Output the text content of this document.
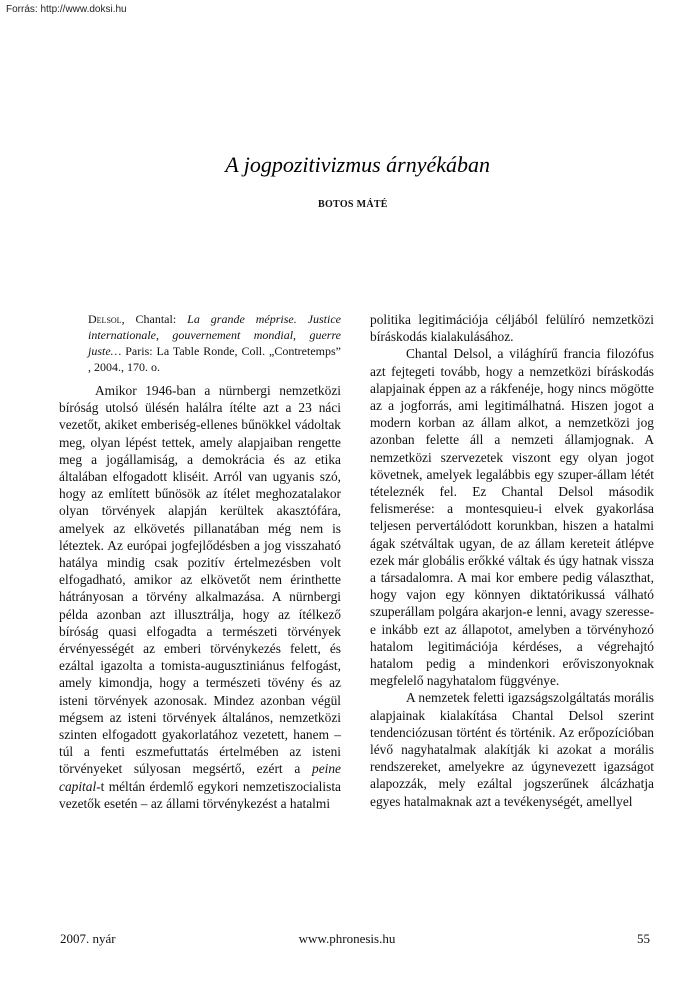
Forrás: http://www.doksi.hu
A jogpozitivizmus árnyékában
BOTOS MÁTÉ

Delsol, Chantal: La grande méprise. Justice internationale, gouvernement mondial, guerre juste… Paris: La Table Ronde, Coll. „Contretemps” , 2004., 170. o.

Amikor 1946-ban a nürnbergi nemzetközi bíróság utolsó ülésén halálra ítélte azt a 23 náci vezetőt, akiket emberiség-ellenes bűnökkel vádoltak meg, olyan lépést tettek, amely alapjaiban rengette meg a jogállamiság, a demokrácia és az etika általában elfogadott kliséit. Arról van ugyanis szó, hogy az említett bűnösök az ítélet meghozatalakor olyan törvények alapján kerültek akasztófára, amelyek az elkövetés pillanatában még nem is léteztek. Az európai jogfejlődésben a jog visszaható hatálya mindig csak pozitív értelmezésben volt elfogadható, amikor az elkövetőt nem érinthette hátrányosan a törvény alkalmazása. A nürnbergi példa azonban azt illusztrálja, hogy az ítélkező bíróság quasi elfogadta a természeti törvények érvényességét az emberi törvénykezés felett, és ezáltal igazolta a tomista-augusztiniánus felfogást, amely kimondja, hogy a természeti tövény és az isteni törvények azonosak. Mindez azonban végül mégsem az isteni törvények általános, nemzetközi szinten elfogadott gyakorlatához vezetett, hanem – túl a fenti eszmefuttatás értelmében az isteni törvényeket súlyosan megsértő, ezért a peine capital-t méltán érdemlő egykori nemzetiszocialista vezetők esetén – az állami törvénykezést a hatalmi

politika legitimációja céljából felülíró nemzetközi bíráskodás kialakulásához.

Chantal Delsol, a világhírű francia filozófus azt fejtegeti tovább, hogy a nemzetközi bíráskodás alapjainak éppen az a rákfenéje, hogy nincs mögötte az a jogforrás, ami legitimálhatná. Hiszen jogot a modern korban az állam alkot, a nemzetközi jog azonban felette áll a nemzeti államjognak. A nemzetközi szervezetek viszont egy olyan jogot követnek, amelyek legalábbis egy szuper-állam létét tételeznék fel. Ez Chantal Delsol második felismerése: a montesquieu-i elvek gyakorlása teljesen pervertálódott korunkban, hiszen a hatalmi ágak szétváltak ugyan, de az állam kereteit átlépve ezek már globális erőkké váltak és úgy hatnak vissza a társadalomra. A mai kor embere pedig választhat, hogy vajon egy könnyen diktatórikussá válható szuperállam polgára akarjon-e lenni, avagy szeresse-e inkább ezt az állapotot, amelyben a törvényhozó hatalom legitimációja kérdéses, a végrehajtó hatalom pedig a mindenkori erőviszonyoknak megfelelő nagyhatalom függvénye.

A nemzetek feletti igazságszolgáltatás morális alapjainak kialakítása Chantal Delsol szerint tendenciózusan történt és történik. Az erőpozícióban lévő nagyhatalmak alakítják ki azokat a morális rendszereket, amelyekre az úgynevezett igazságot alapozzák, mely ezáltal jogszerűnek álcázhatja egyes hatalmaknak azt a tevékenységét, amellyel

2007. nyár	www.phronesis.hu	55
